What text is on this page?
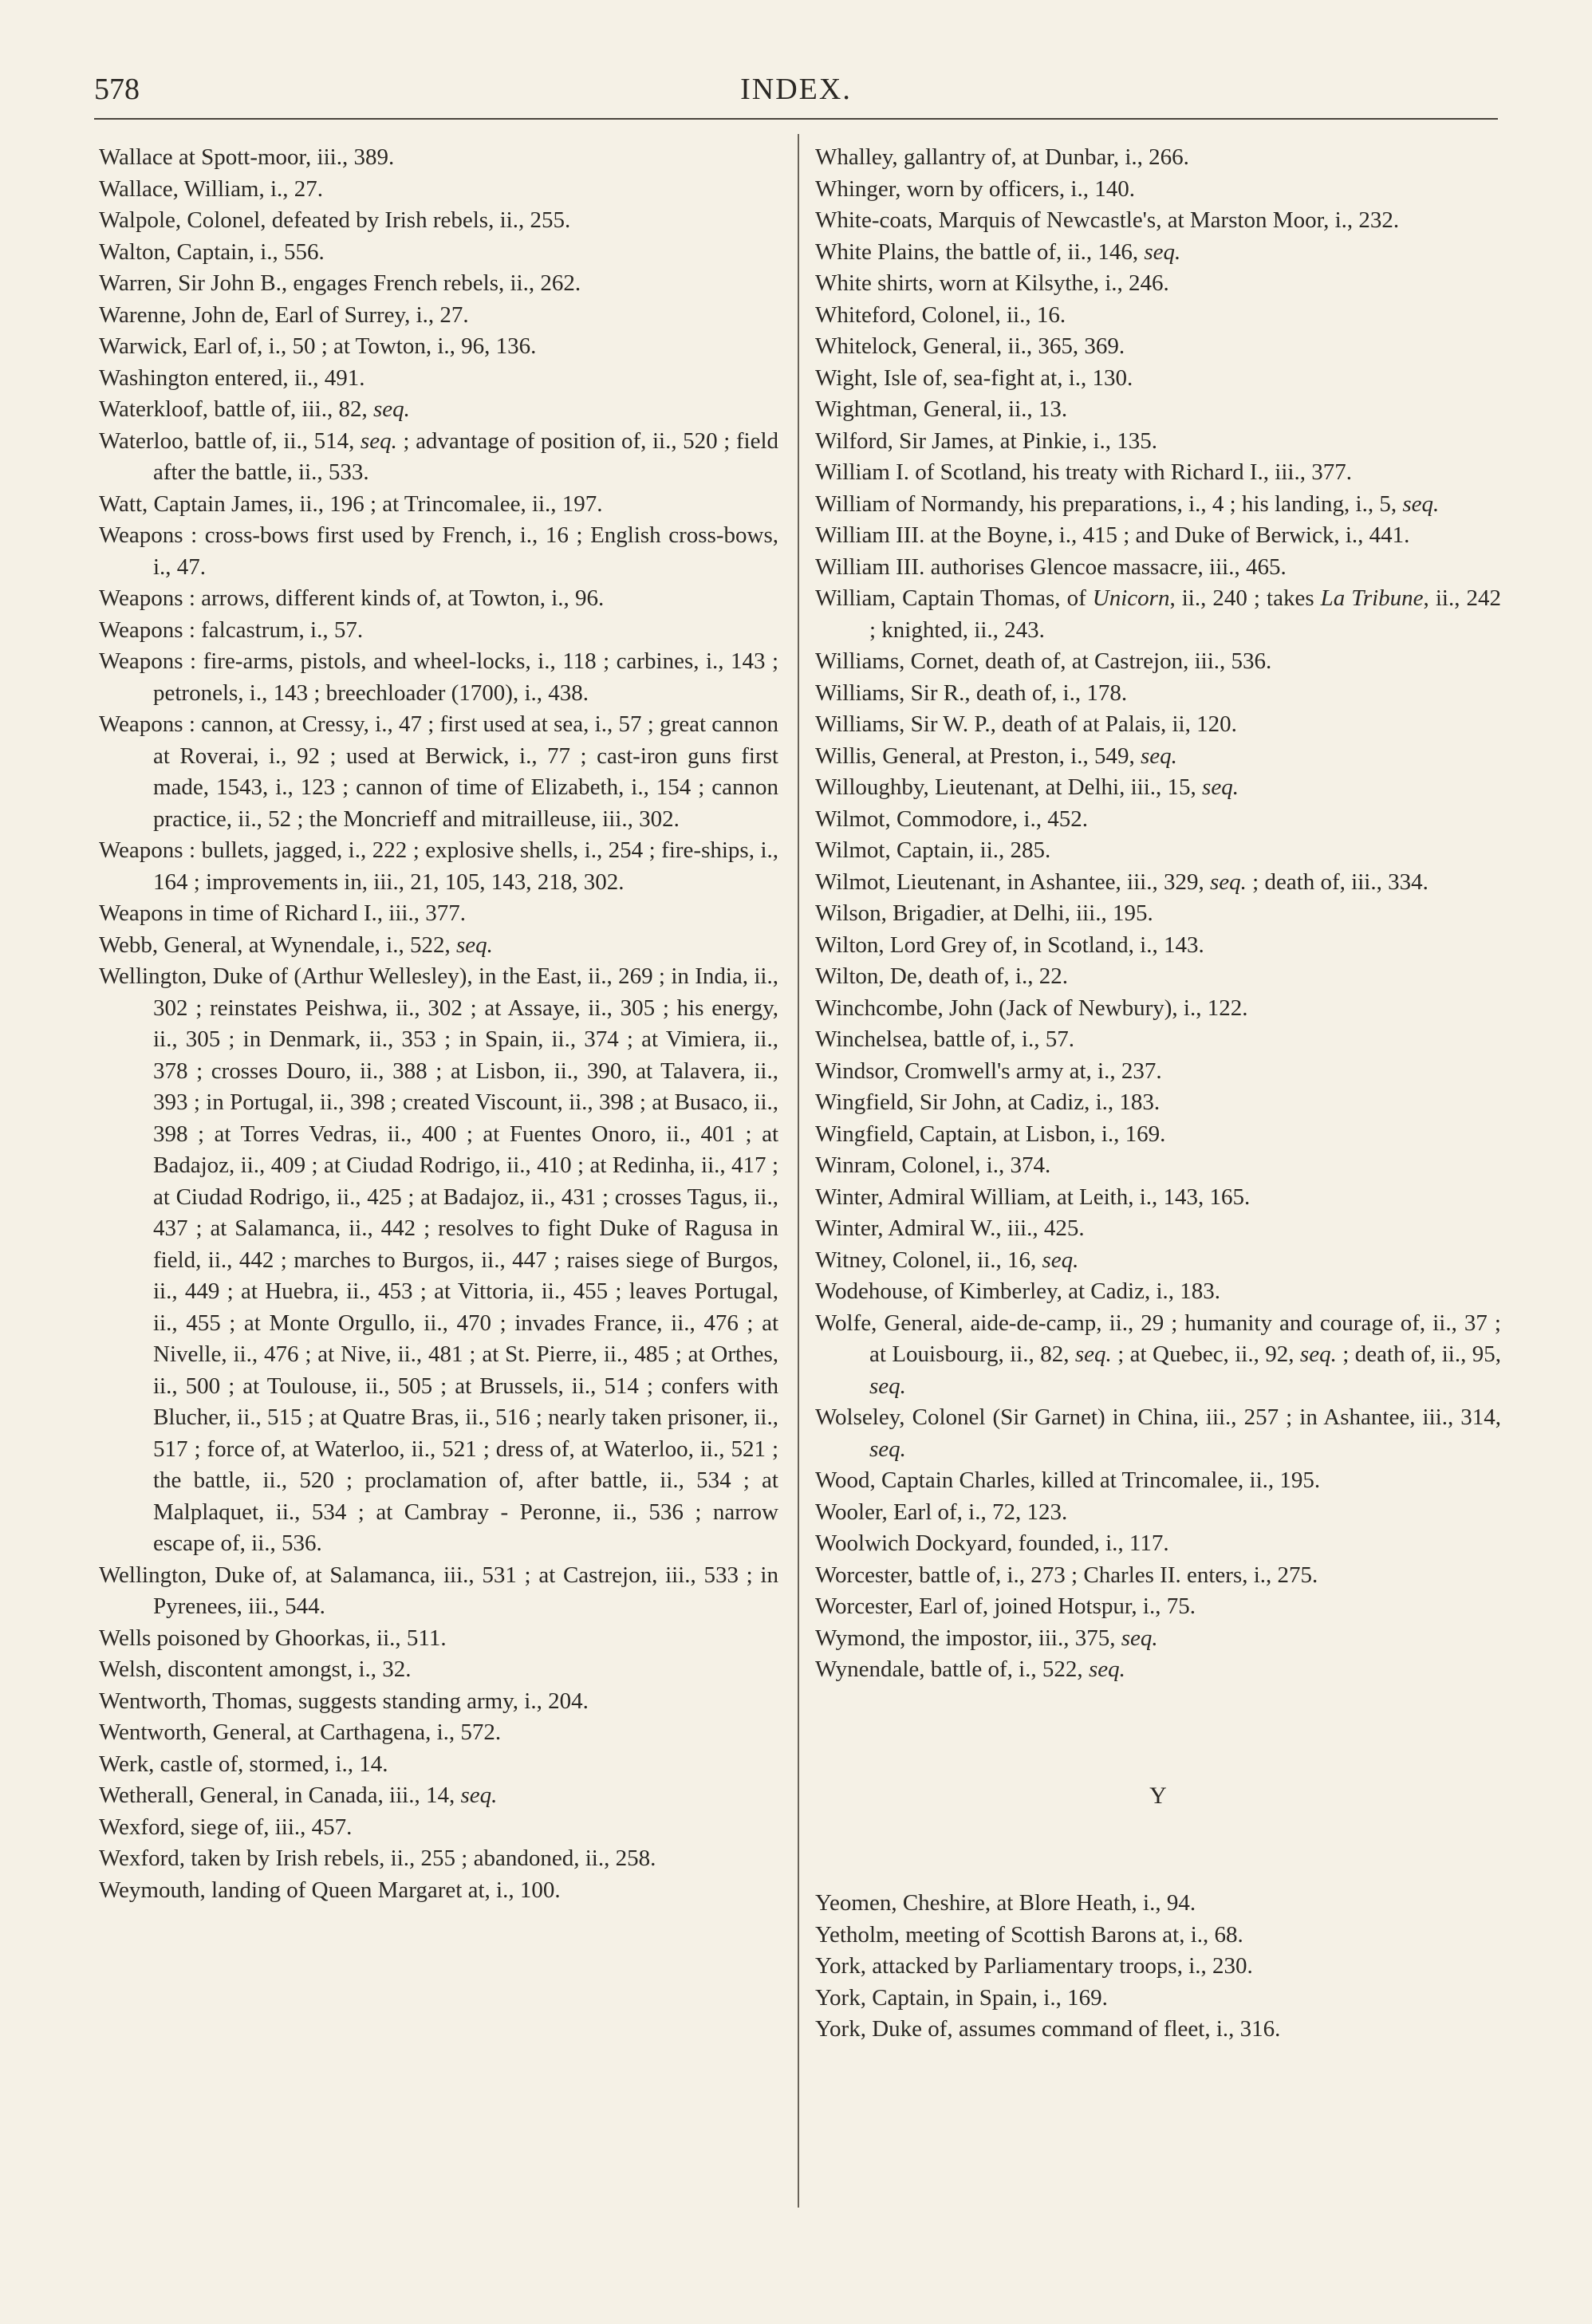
578	INDEX.

Wallace at Spott-moor, iii., 389.

Wallace, William, i., 27.

Walpole, Colonel, defeated by Irish rebels, ii., 255.

Walton, Captain, i., 556.

Warren, Sir John B., engages French rebels, ii., 262.

Warenne, John de, Earl of Surrey, i., 27.

Warwick, Earl of, i., 50 ; at Towton, i., 96, 136.

Washington entered, ii., 491.

Waterkloof, battle of, iii., 82, seq.

Waterloo, battle of, ii., 514, seq. ; advantage of position of, ii., 520 ; field after the battle, ii., 533.

Watt, Captain James, ii., 196 ; at Trincomalee, ii., 197.

Weapons : cross-bows first used by French, i., 16 ; English cross-bows, i., 47.

Weapons : arrows, different kinds of, at Towton, i., 96.

Weapons : falcastrum, i., 57.

Weapons : fire-arms, pistols, and wheel-locks, i., 118 ; carbines, i., 143 ; petronels, i., 143 ; breechloader (1700), i., 438.

Weapons : cannon, at Cressy, i., 47 ; first used at sea, i., 57 ; great cannon at Roverai, i., 92 ; used at Berwick, i., 77 ; cast-iron guns first made, 1543, i., 123 ; cannon of time of Elizabeth, i., 154 ; cannon practice, ii., 52 ; the Moncrieff and mitrailleuse, iii., 302.

Weapons : bullets, jagged, i., 222 ; explosive shells, i., 254 ; fire-ships, i., 164 ; improvements in, iii., 21, 105, 143, 218, 302.

Weapons in time of Richard I., iii., 377.

Webb, General, at Wynendale, i., 522, seq.

Wellington, Duke of (Arthur Wellesley), in the East, ii., 269 ; in India, ii., 302 ; reinstates Peishwa, ii., 302 ; at Assaye, ii., 305 ; his energy, ii., 305 ; in Denmark, ii., 353 ; in Spain, ii., 374 ; at Vimiera, ii., 378 ; crosses Douro, ii., 388 ; at Lisbon, ii., 390, at Talavera, ii., 393 ; in Portugal, ii., 398 ; created Viscount, ii., 398 ; at Busaco, ii., 398 ; at Torres Vedras, ii., 400 ; at Fuentes Onoro, ii., 401 ; at Badajoz, ii., 409 ; at Ciudad Rodrigo, ii., 410 ; at Redinha, ii., 417 ; at Ciudad Rodrigo, ii., 425 ; at Badajoz, ii., 431 ; crosses Tagus, ii., 437 ; at Salamanca, ii., 442 ; resolves to fight Duke of Ragusa in field, ii., 442 ; marches to Burgos, ii., 447 ; raises siege of Burgos, ii., 449 ; at Huebra, ii., 453 ; at Vittoria, ii., 455 ; leaves Portugal, ii., 455 ; at Monte Orgullo, ii., 470 ; invades France, ii., 476 ; at Nivelle, ii., 476 ; at Nive, ii., 481 ; at St. Pierre, ii., 485 ; at Orthes, ii., 500 ; at Toulouse, ii., 505 ; at Brussels, ii., 514 ; confers with Blucher, ii., 515 ; at Quatre Bras, ii., 516 ; nearly taken prisoner, ii., 517 ; force of, at Waterloo, ii., 521 ; dress of, at Waterloo, ii., 521 ; the battle, ii., 520 ; proclamation of, after battle, ii., 534 ; at Malplaquet, ii., 534 ; at Cambray - Peronne, ii., 536 ; narrow escape of, ii., 536.

Wellington, Duke of, at Salamanca, iii., 531 ; at Castrejon, iii., 533 ; in Pyrenees, iii., 544.

Wells poisoned by Ghoorkas, ii., 511.

Welsh, discontent amongst, i., 32.

Wentworth, Thomas, suggests standing army, i., 204.

Wentworth, General, at Carthagena, i., 572.

Werk, castle of, stormed, i., 14.

Wetherall, General, in Canada, iii., 14, seq.

Wexford, siege of, iii., 457.

Wexford, taken by Irish rebels, ii., 255 ; abandoned, ii., 258.

Weymouth, landing of Queen Margaret at, i., 100.

Whalley, gallantry of, at Dunbar, i., 266.

Whinger, worn by officers, i., 140.

White-coats, Marquis of Newcastle's, at Marston Moor, i., 232.

White Plains, the battle of, ii., 146, seq.

White shirts, worn at Kilsythe, i., 246.

Whiteford, Colonel, ii., 16.

Whitelock, General, ii., 365, 369.

Wight, Isle of, sea-fight at, i., 130.

Wightman, General, ii., 13.

Wilford, Sir James, at Pinkie, i., 135.

William I. of Scotland, his treaty with Richard I., iii., 377.

William of Normandy, his preparations, i., 4 ; his landing, i., 5, seq.

William III. at the Boyne, i., 415 ; and Duke of Berwick, i., 441.

William III. authorises Glencoe massacre, iii., 465.

William, Captain Thomas, of Unicorn, ii., 240 ; takes La Tribune, ii., 242 ; knighted, ii., 243.

Williams, Cornet, death of, at Castrejon, iii., 536.

Williams, Sir R., death of, i., 178.

Williams, Sir W. P., death of at Palais, ii, 120.

Willis, General, at Preston, i., 549, seq.

Willoughby, Lieutenant, at Delhi, iii., 15, seq.

Wilmot, Commodore, i., 452.

Wilmot, Captain, ii., 285.

Wilmot, Lieutenant, in Ashantee, iii., 329, seq. ; death of, iii., 334.

Wilson, Brigadier, at Delhi, iii., 195.

Wilton, Lord Grey of, in Scotland, i., 143.

Wilton, De, death of, i., 22.

Winchcombe, John (Jack of Newbury), i., 122.

Winchelsea, battle of, i., 57.

Windsor, Cromwell's army at, i., 237.

Wingfield, Sir John, at Cadiz, i., 183.

Wingfield, Captain, at Lisbon, i., 169.

Winram, Colonel, i., 374.

Winter, Admiral William, at Leith, i., 143, 165.

Winter, Admiral W., iii., 425.

Witney, Colonel, ii., 16, seq.

Wodehouse, of Kimberley, at Cadiz, i., 183.

Wolfe, General, aide-de-camp, ii., 29 ; humanity and courage of, ii., 37 ; at Louisbourg, ii., 82, seq. ; at Quebec, ii., 92, seq. ; death of, ii., 95, seq.

Wolseley, Colonel (Sir Garnet) in China, iii., 257 ; in Ashantee, iii., 314, seq.

Wood, Captain Charles, killed at Trincomalee, ii., 195.

Wooler, Earl of, i., 72, 123.

Woolwich Dockyard, founded, i., 117.

Worcester, battle of, i., 273 ; Charles II. enters, i., 275.

Worcester, Earl of, joined Hotspur, i., 75.

Wymond, the impostor, iii., 375, seq.

Wynendale, battle of, i., 522, seq.

Y

Yeomen, Cheshire, at Blore Heath, i., 94.

Yetholm, meeting of Scottish Barons at, i., 68.

York, attacked by Parliamentary troops, i., 230.

York, Captain, in Spain, i., 169.

York, Duke of, assumes command of fleet, i., 316.
